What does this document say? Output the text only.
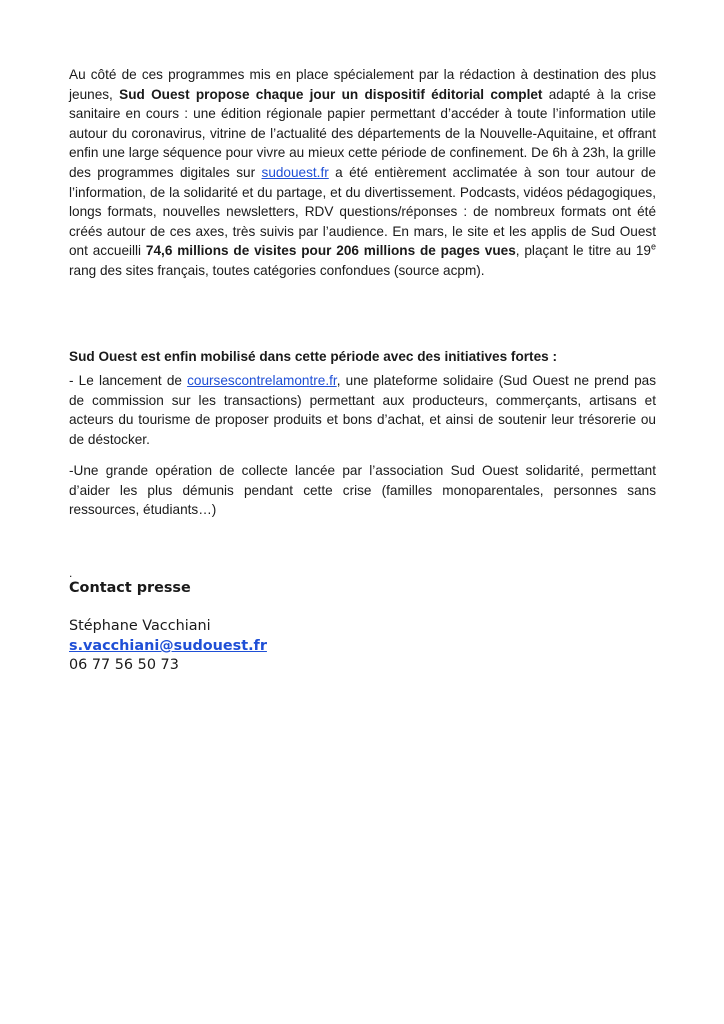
Au côté de ces programmes mis en place spécialement par la rédaction à destination des plus jeunes, Sud Ouest propose chaque jour un dispositif éditorial complet adapté à la crise sanitaire en cours : une édition régionale papier permettant d’accéder à toute l’information utile autour du coronavirus, vitrine de l’actualité des départements de la Nouvelle-Aquitaine, et offrant enfin une large séquence pour vivre au mieux cette période de confinement. De 6h à 23h, la grille des programmes digitales sur sudouest.fr a été entièrement acclimatée à son tour autour de l’information, de la solidarité et du partage, et du divertissement. Podcasts, vidéos pédagogiques, longs formats, nouvelles newsletters, RDV questions/réponses : de nombreux formats ont été créés autour de ces axes, très suivis par l’audience. En mars, le site et les applis de Sud Ouest ont accueilli 74,6 millions de visites pour 206 millions de pages vues, plaçant le titre au 19e rang des sites français, toutes catégories confondues (source acpm).

Sud Ouest est enfin mobilisé dans cette période avec des initiatives fortes :

- Le lancement de coursescontrelamontre.fr, une plateforme solidaire (Sud Ouest ne prend pas de commission sur les transactions) permettant aux producteurs, commerçants, artisans et acteurs du tourisme de proposer produits et bons d’achat, et ainsi de soutenir leur trésorerie ou de déstocker.

-Une grande opération de collecte lancée par l’association Sud Ouest solidarité, permettant d’aider les plus démunis pendant cette crise (familles monoparentales, personnes sans ressources, étudiants…)

.

Contact presse

Stéphane Vacchiani

s.vacchiani@sudouest.fr

06 77 56 50 73
